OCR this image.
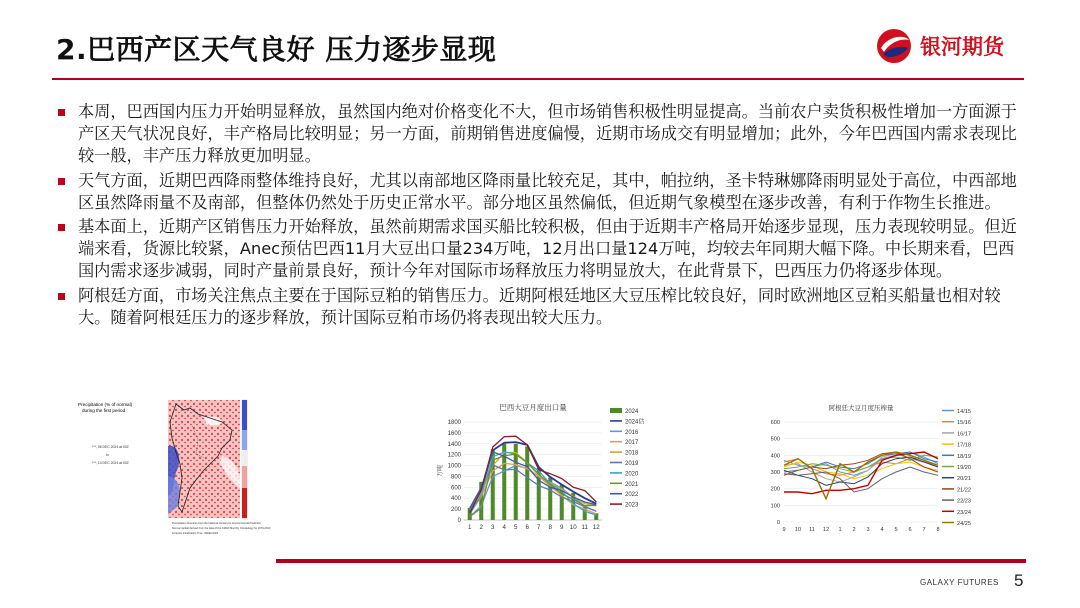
2.巴西产区天气良好 压力逐步显现	银河期货
本周，巴西国内压力开始明显释放，虽然国内绝对价格变化不大，但市场销售积极性明显提高。当前农户卖货积极性增加一方面源于产区天气状况良好，丰产格局比较明显；另一方面，前期销售进度偏慢，近期市场成交有明显增加；此外，今年巴西国内需求表现比较一般，丰产压力释放更加明显。
天气方面，近期巴西降雨整体维持良好，尤其以南部地区降雨量比较充足，其中，帕拉纳，圣卡特琳娜降雨明显处于高位，中西部地区虽然降雨量不及南部，但整体仍然处于历史正常水平。部分地区虽然偏低，但近期气象模型在逐步改善，有利于作物生长推进。
基本面上，近期产区销售压力开始释放，虽然前期需求国买船比较积极，但由于近期丰产格局开始逐步显现，压力表现较明显。但近端来看，货源比较紧，Anec预估巴西11月大豆出口量234万吨，12月出口量124万吨，均较去年同期大幅下降。中长期来看，巴西国内需求逐步减弱，同时产量前景良好，预计今年对国际市场释放压力将明显放大，在此背景下，巴西压力仍将逐步体现。
阿根廷方面，市场关注焦点主要在于国际豆粕的销售压力。近期阿根廷地区大豆压榨比较良好，同时欧洲地区豆粕买船量也相对较大。随着阿根廷压力的逐步释放，预计国际豆粕市场仍将表现出较大压力。
Precipitation (% of normal)
during the first period
***, 06 DEC 2024 at 00Z
to
***, 14 DEC 2024 at 00Z
Precipitation forecasts from the National Centers for Environmental Prediction
Normal rainfall derived from the data of the CMAP Monthly Climatology for 1979-2010
Forecast Initialization Time: 06DEC2024
巴西大豆月度出口量
0
200
400
600
800
1000
1200
1400
1600
1800
万吨
1 2 3 4 5 6 7 8 9 10 11 12
2024
2024估
2016
2017
2018
2019
2020
2021
2022
2023
阿根廷大豆月度压榨量
0
100
200
300
400
500
600
9 10 11 12 1 2 3 4 5 6 7 8
14/15
15/16
16/17
17/18
18/19
19/20
20/21
21/22
22/23
23/24
24/25
GALAXY FUTURES 5
